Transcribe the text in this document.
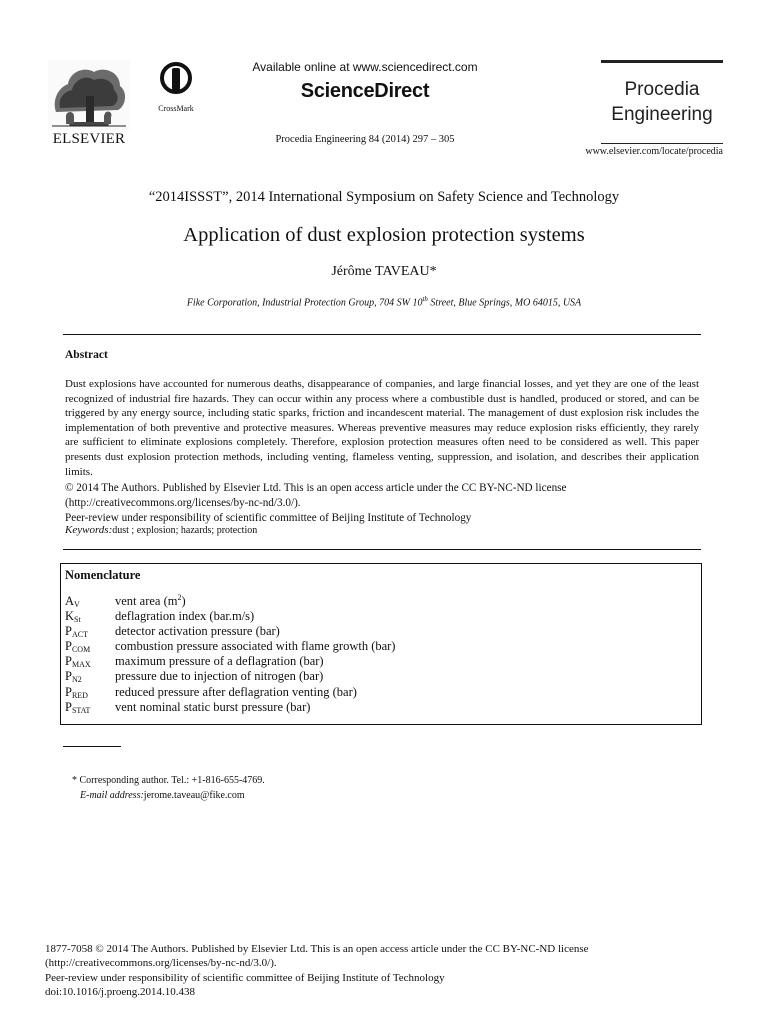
ELSEVIER
CrossMark
Available online at www.sciencedirect.com
ScienceDirect
Procedia Engineering 84 (2014) 297 – 305
Procedia
Engineering
www.elsevier.com/locate/procedia
“2014ISSST”, 2014 International Symposium on Safety Science and Technology
Application of dust explosion protection systems
Jérôme TAVEAU*
Fike Corporation, Industrial Protection Group, 704 SW 10th Street, Blue Springs, MO 64015, USA
Abstract
Dust explosions have accounted for numerous deaths, disappearance of companies, and large financial losses, and yet they are one of the least recognized of industrial fire hazards. They can occur within any process where a combustible dust is handled, produced or stored, and can be triggered by any energy source, including static sparks, friction and incandescent material. The management of dust explosion risk includes the implementation of both preventive and protective measures. Whereas preventive measures may reduce explosion risks efficiently, they rarely are sufficient to eliminate explosions completely. Therefore, explosion protection measures often need to be considered as well. This paper presents dust explosion protection methods, including venting, flameless venting, suppression, and isolation, and describes their application limits.

© 2014 The Authors. Published by Elsevier Ltd. This is an open access article under the CC BY-NC-ND license

(http://creativecommons.org/licenses/by-nc-nd/3.0/).

Peer-review under responsibility of scientific committee of Beijing Institute of Technology

Keywords:dust ; explosion; hazards; protection
Nomenclature
$A_V$	vent area $(m^2)$
$K_{St}$	deflagration index (bar.m/s)
$P_{ACT}$	detector activation pressure (bar)
$P_{COM}$	combustion pressure associated with flame growth (bar)
$P_{MAX}$	maximum pressure of a deflagration (bar)
$P_{N2}$	pressure due to injection of nitrogen (bar)
$P_{RED}$	reduced pressure after deflagration venting (bar)
$P_{STAT}$	vent nominal static burst pressure (bar)
* Corresponding author. Tel.: +1-816-655-4769.
E-mail address:jerome.taveau@fike.com

1877-7058 © 2014 The Authors. Published by Elsevier Ltd. This is an open access article under the CC BY-NC-ND license

(http://creativecommons.org/licenses/by-nc-nd/3.0/).

Peer-review under responsibility of scientific committee of Beijing Institute of Technology

doi:10.1016/j.proeng.2014.10.438
